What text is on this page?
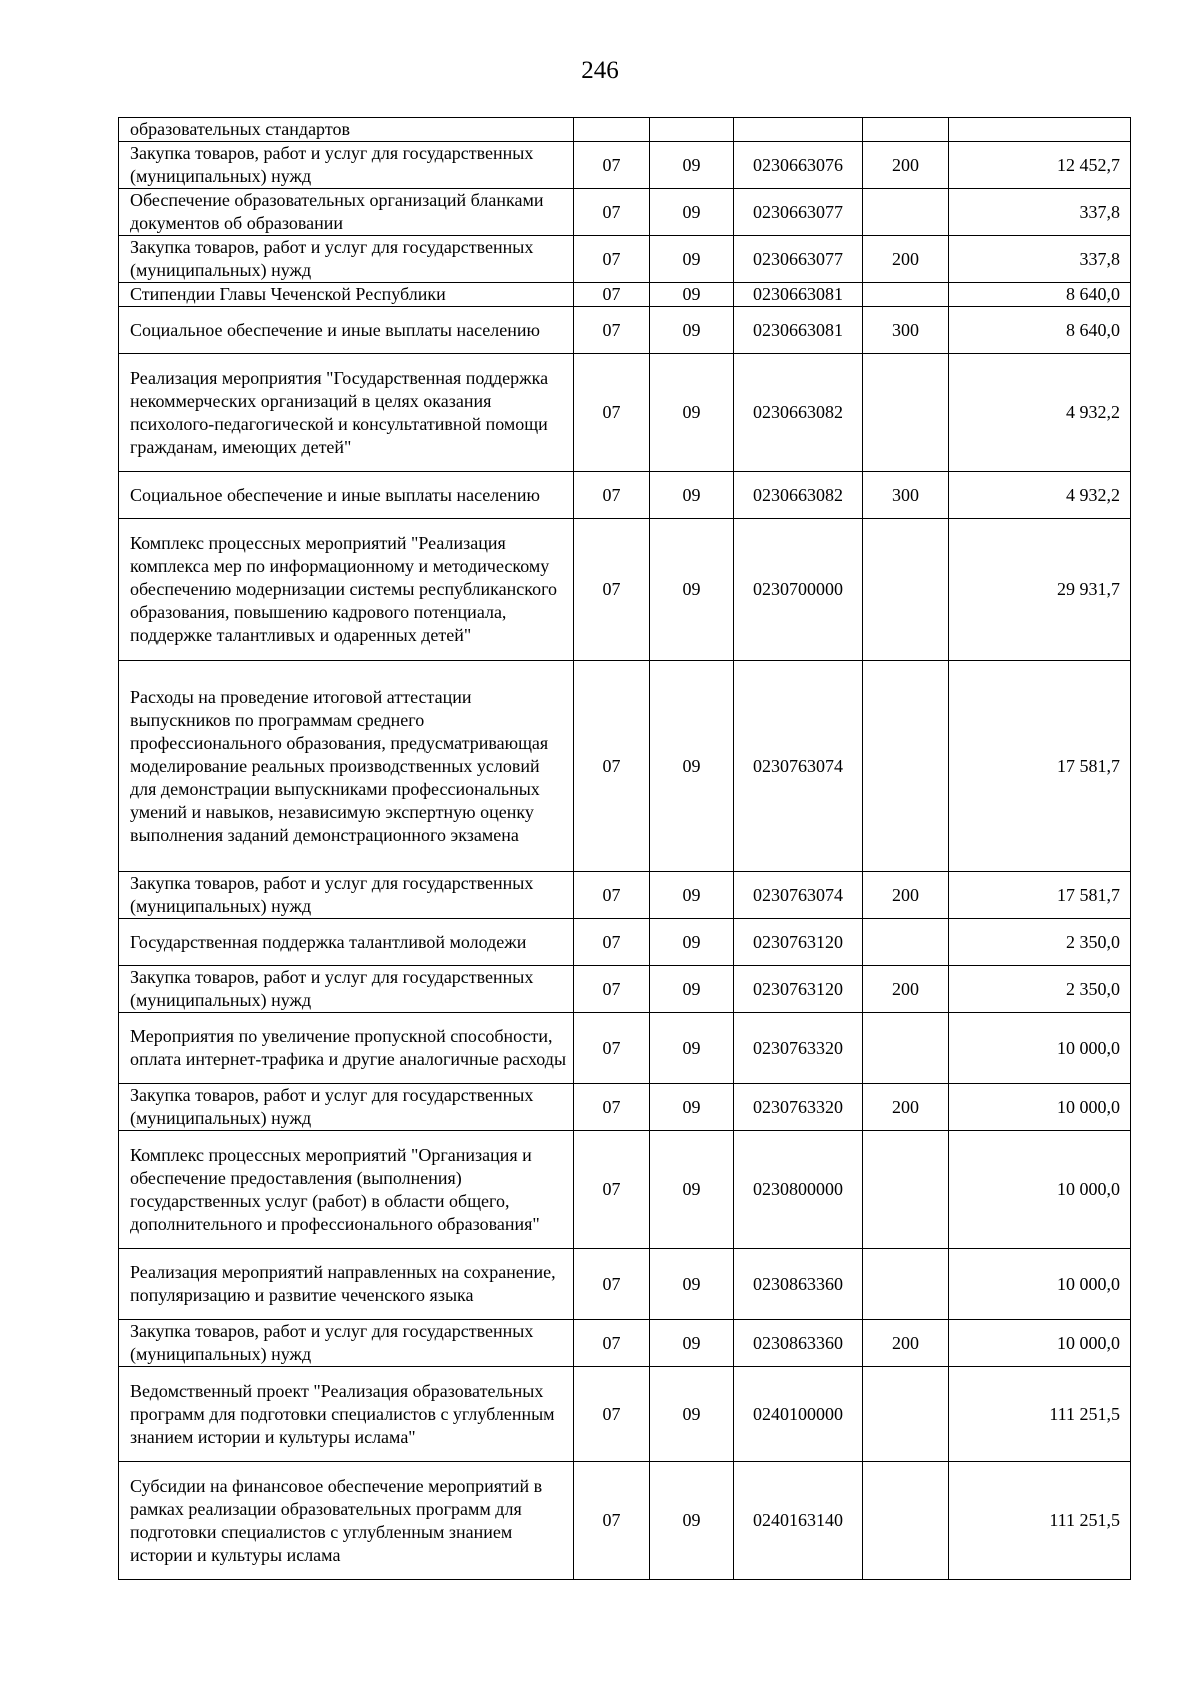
246
образовательных стандартов					
Закупка товаров, работ и услуг для государственных (муниципальных) нужд	07	09	0230663076	200	12 452,7
Обеспечение образовательных организаций бланками документов об образовании	07	09	0230663077		337,8
Закупка товаров, работ и услуг для государственных (муниципальных) нужд	07	09	0230663077	200	337,8
Стипендии Главы Чеченской Республики	07	09	0230663081		8 640,0
Социальное обеспечение и иные выплаты населению	07	09	0230663081	300	8 640,0
Реализация мероприятия "Государственная поддержка некоммерческих организаций в целях оказания психолого-педагогической и консультативной помощи гражданам, имеющих детей"	07	09	0230663082		4 932,2
Социальное обеспечение и иные выплаты населению	07	09	0230663082	300	4 932,2
Комплекс процессных мероприятий "Реализация комплекса мер по информационному и методическому обеспечению модернизации системы республиканского образования, повышению кадрового потенциала, поддержке талантливых и одаренных детей"	07	09	0230700000		29 931,7
Расходы на проведение итоговой аттестации выпускников по программам среднего профессионального образования, предусматривающая моделирование реальных производственных условий для демонстрации выпускниками профессиональных умений и навыков, независимую экспертную оценку выполнения заданий демонстрационного экзамена	07	09	0230763074		17 581,7
Закупка товаров, работ и услуг для государственных (муниципальных) нужд	07	09	0230763074	200	17 581,7
Государственная поддержка талантливой молодежи	07	09	0230763120		2 350,0
Закупка товаров, работ и услуг для государственных (муниципальных) нужд	07	09	0230763120	200	2 350,0
Мероприятия по увеличение пропускной способности, оплата интернет-трафика и другие аналогичные расходы	07	09	0230763320		10 000,0
Закупка товаров, работ и услуг для государственных (муниципальных) нужд	07	09	0230763320	200	10 000,0
Комплекс процессных мероприятий "Организация и обеспечение предоставления (выполнения) государственных услуг (работ) в области общего, дополнительного и профессионального образования"	07	09	0230800000		10 000,0
Реализация мероприятий направленных на сохранение, популяризацию и развитие чеченского языка	07	09	0230863360		10 000,0
Закупка товаров, работ и услуг для государственных (муниципальных) нужд	07	09	0230863360	200	10 000,0
Ведомственный проект "Реализация образовательных программ для подготовки специалистов с углубленным знанием истории и культуры ислама"	07	09	0240100000		111 251,5
Субсидии на финансовое обеспечение мероприятий в рамках реализации образовательных программ для подготовки специалистов с углубленным знанием истории и культуры ислама	07	09	0240163140		111 251,5
